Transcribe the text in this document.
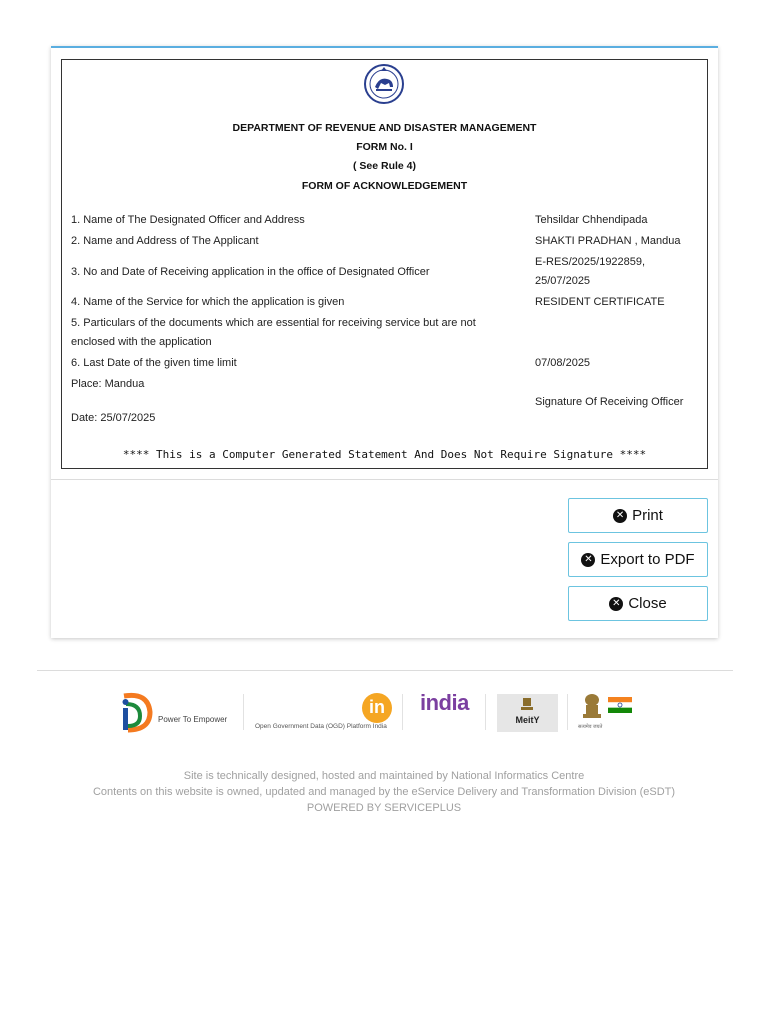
DEPARTMENT OF REVENUE AND DISASTER MANAGEMENT
FORM No. I
( See Rule 4)
FORM OF ACKNOWLEDGEMENT
1. Name of The Designated Officer and Address	Tehsildar Chhendipada
2. Name and Address of The Applicant	SHAKTI PRADHAN , Mandua
3. No and Date of Receiving application in the office of Designated Officer
E-RES/2025/1922859,
25/07/2025
4. Name of the Service for which the application is given	RESIDENT CERTIFICATE
5. Particulars of the documents which are essential for receiving service but are not
enclosed with the application
6. Last Date of the given time limit	07/08/2025
Place: Mandua
Signature Of Receiving Officer
Date: 25/07/2025
**** This is a Computer Generated Statement And Does Not Require Signature ****
✕ Print
✕ Export to PDF
✕ Close
Power To Empower
in
Open Government Data (OGD) Platform India
india
MeitY
सत्यमेव जयते
Site is technically designed, hosted and maintained by National Informatics Centre
Contents on this website is owned, updated and managed by the eService Delivery and Transformation Division (eSDT)
POWERED BY SERVICEPLUS
